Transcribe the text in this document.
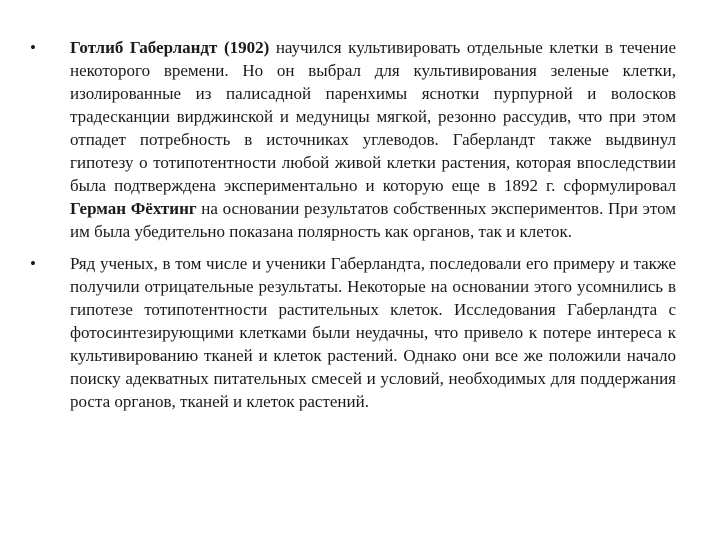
• Готлиб Габерландт (1902) научился культивировать отдельные клетки в течение некоторого времени. Но он выбрал для культивирования зеленые клетки, изолированные из палисадной паренхимы яснотки пурпурной и волосков традесканции вирджинской и медуницы мягкой, резонно рассудив, что при этом отпадет потребность в источниках углеводов. Габерландт также выдвинул гипотезу о тотипотентности любой живой клетки растения, которая впоследствии была подтверждена экспериментально и которую еще в 1892 г. сформулировал Герман Фёхтинг на основании результатов собственных экспериментов. При этом им была убедительно показана полярность как органов, так и клеток.

• Ряд ученых, в том числе и ученики Габерландта, последовали его примеру и также получили отрицательные результаты. Некоторые на основании этого усомнились в гипотезе тотипотентности растительных клеток. Исследования Габерландта с фотосинтезирующими клетками были неудачны, что привело к потере интереса к культивированию тканей и клеток растений. Однако они все же положили начало поиску адекватных питательных смесей и условий, необходимых для поддержания роста органов, тканей и клеток растений.
